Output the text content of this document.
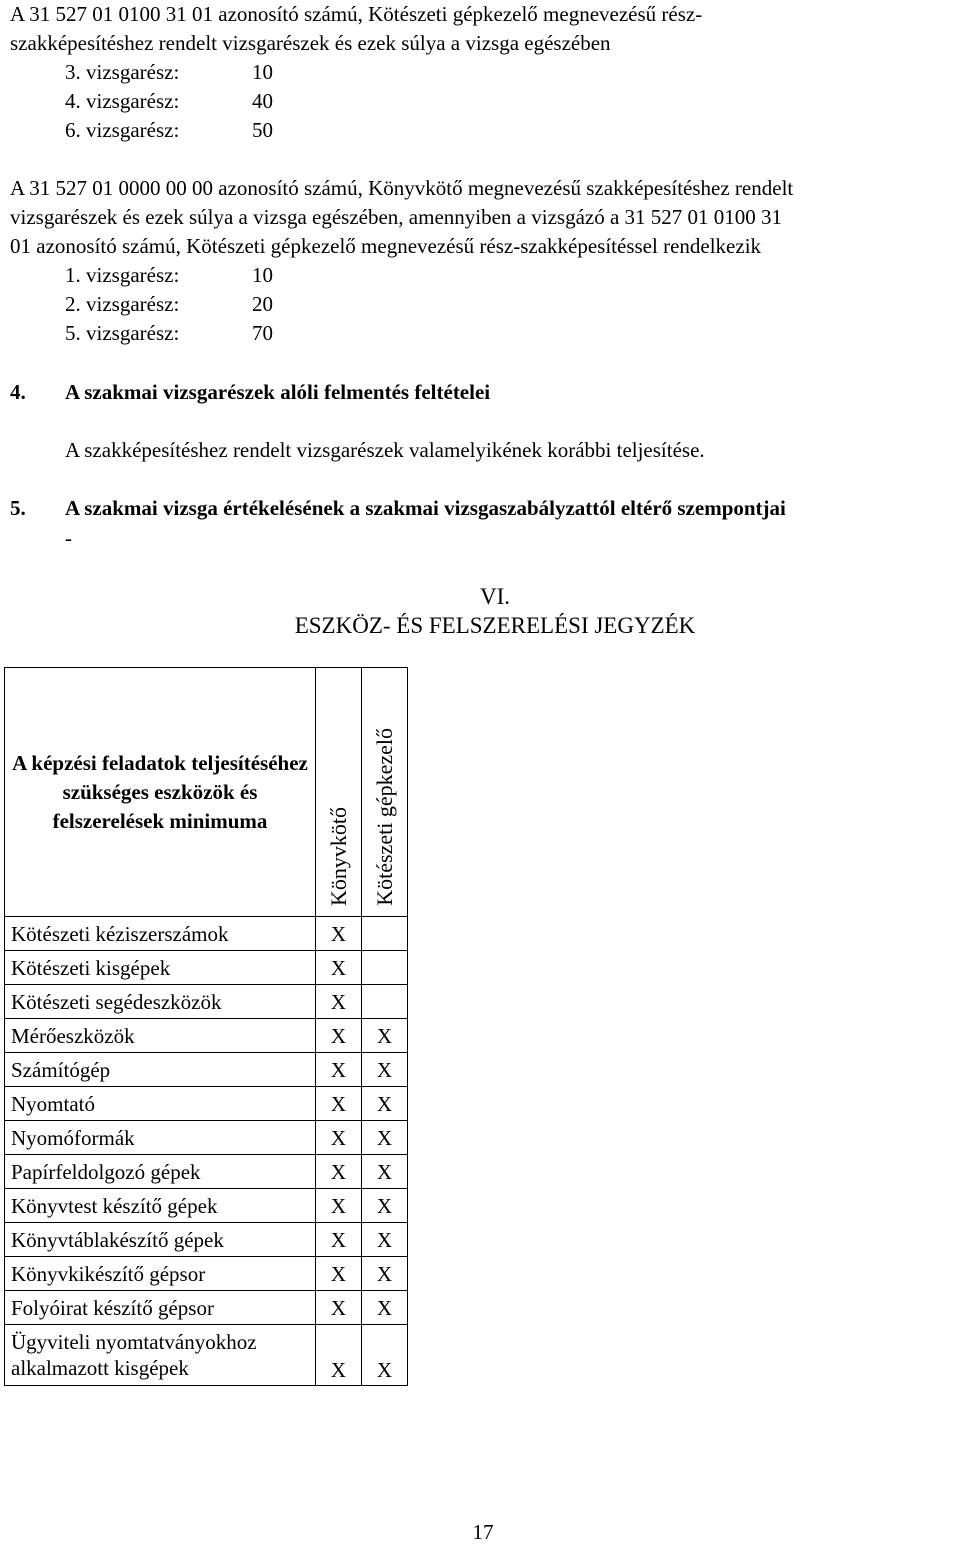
A 31 527 01 0100 31 01 azonosító számú, Kötészeti gépkezelő megnevezésű rész-
szakképesítéshez rendelt vizsgarészek és ezek súlya a vizsga egészében
3. vizsgarész:	10
4. vizsgarész:	40
6. vizsgarész:	50
A 31 527 01 0000 00 00 azonosító számú, Könyvkötő megnevezésű szakképesítéshez rendelt
vizsgarészek és ezek súlya a vizsga egészében, amennyiben a vizsgázó a 31 527 01 0100 31
01 azonosító számú, Kötészeti gépkezelő megnevezésű rész-szakképesítéssel rendelkezik
1. vizsgarész:	10
2. vizsgarész:	20
5. vizsgarész:	70
4. A szakmai vizsgarészek alóli felmentés feltételei
A szakképesítéshez rendelt vizsgarészek valamelyikének korábbi teljesítése.
5. A szakmai vizsga értékelésének a szakmai vizsgaszabályzattól eltérő szempontjai
-
VI.
ESZKÖZ- ÉS FELSZERELÉSI JEGYZÉK
A képzési feladatok teljesítéséhez szükséges eszközök és felszerelések minimuma	Könyvkötő	Kötészeti gépkezelő

Kötészeti kéziszerszámok	X	
Kötészeti kisgépek	X	
Kötészeti segédeszközök	X	
Mérőeszközök	X	X
Számítógép	X	X
Nyomtató	X	X
Nyomóformák	X	X
Papírfeldolgozó gépek	X	X
Könyvtest készítő gépek	X	X
Könyvtáblakészítő gépek	X	X
Könyvkikészítő gépsor	X	X
Folyóirat készítő gépsor	X	X

Ügyviteli nyomtatványokhoz
alkalmazott kisgépek	X	X
17
